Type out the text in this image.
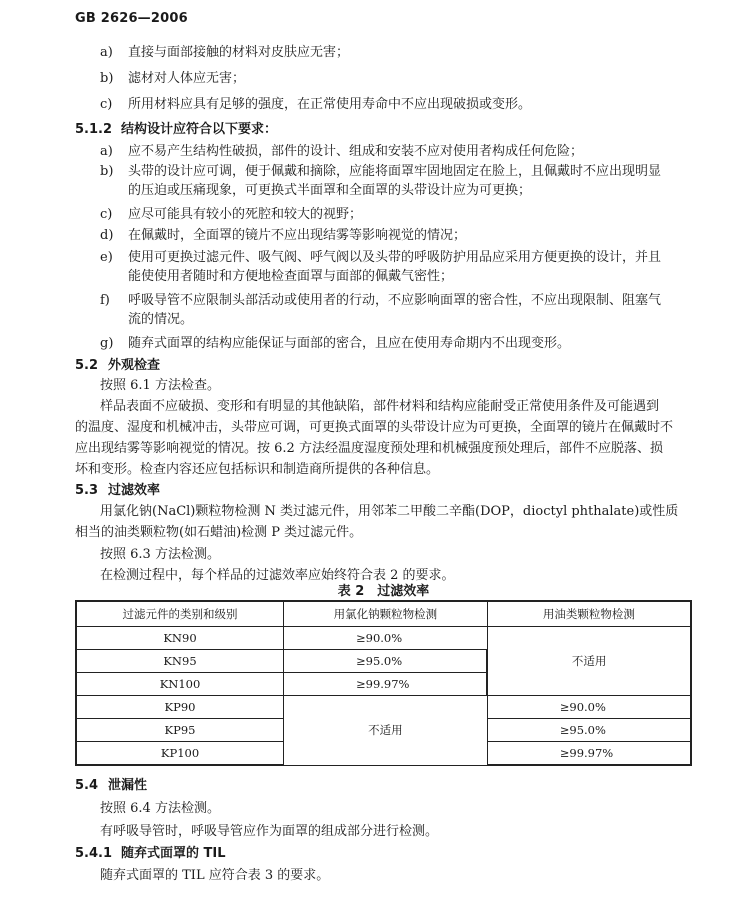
GB 2626—2006
a) 直接与面部接触的材料对皮肤应无害；
b) 滤材对人体应无害；
c) 所用材料应具有足够的强度，在正常使用寿命中不应出现破损或变形。
5.1.2 结构设计应符合以下要求：
a) 应不易产生结构性破损，部件的设计、组成和安装不应对使用者构成任何危险；
b) 头带的设计应可调，便于佩戴和摘除，应能将面罩牢固地固定在脸上，且佩戴时不应出现明显
的压迫或压痛现象，可更换式半面罩和全面罩的头带设计应为可更换；
c) 应尽可能具有较小的死腔和较大的视野；
d) 在佩戴时，全面罩的镜片不应出现结雾等影响视觉的情况；
e) 使用可更换过滤元件、吸气阀、呼气阀以及头带的呼吸防护用品应采用方便更换的设计，并且
能使使用者随时和方便地检查面罩与面部的佩戴气密性；
f) 呼吸导管不应限制头部活动或使用者的行动，不应影响面罩的密合性，不应出现限制、阻塞气
流的情况。
g) 随弃式面罩的结构应能保证与面部的密合，且应在使用寿命期内不出现变形。
5.2 外观检查
按照 6.1 方法检查。
样品表面不应破损、变形和有明显的其他缺陷，部件材料和结构应能耐受正常使用条件及可能遇到
的温度、湿度和机械冲击，头带应可调，可更换式面罩的头带设计应为可更换，全面罩的镜片在佩戴时不
应出现结雾等影响视觉的情况。按 6.2 方法经温度湿度预处理和机械强度预处理后，部件不应脱落、损
坏和变形。检查内容还应包括标识和制造商所提供的各种信息。
5.3 过滤效率
用氯化钠(NaCl)颗粒物检测 N 类过滤元件，用邻苯二甲酸二辛酯(DOP，dioctyl phthalate)或性质
相当的油类颗粒物(如石蜡油)检测 P 类过滤元件。
按照 6.3 方法检测。
在检测过程中，每个样品的过滤效率应始终符合表 2 的要求。
表 2　过滤效率
过滤元件的类别和级别	用氯化钠颗粒物检测	用油类颗粒物检测
KN90	≥90.0%	不适用
KN95	≥95.0%	
KN100	≥99.97%	
KP90	不适用	≥90.0%
KP95		≥95.0%
KP100		≥99.97%
5.4 泄漏性
按照 6.4 方法检测。
有呼吸导管时，呼吸导管应作为面罩的组成部分进行检测。
5.4.1 随弃式面罩的 TIL
随弃式面罩的 TIL 应符合表 3 的要求。
